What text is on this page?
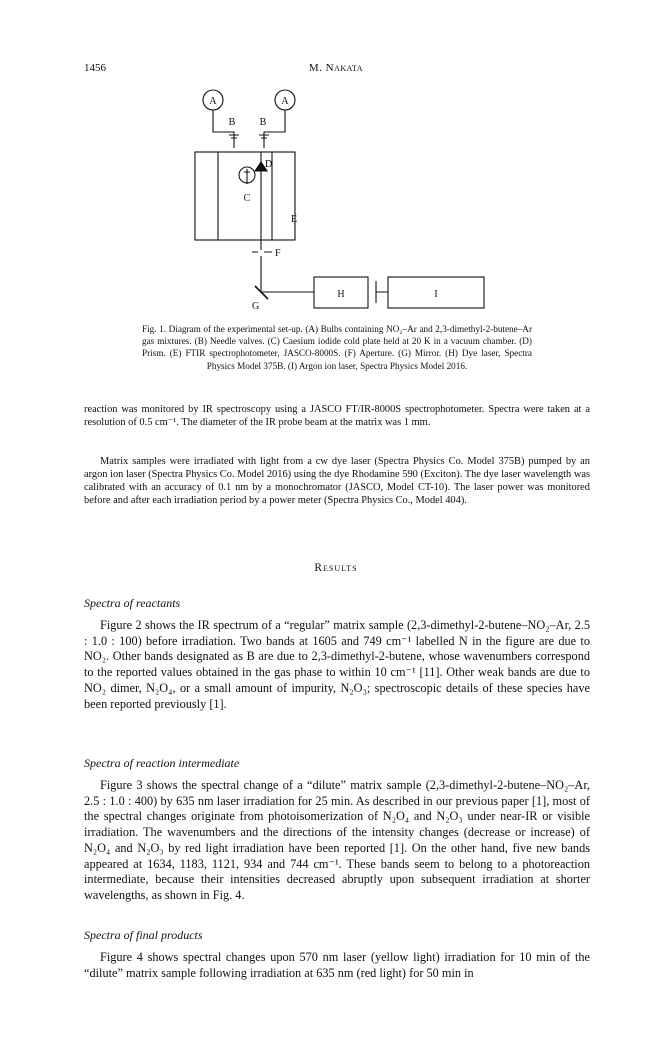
1456	M. Nakata
A	A
B B
C
D
E
F
G
H	I
Fig. 1. Diagram of the experimental set-up. (A) Bulbs containing NO₂–Ar and 2,3-dimethyl-2-butene–Ar gas mixtures. (B) Needle valves. (C) Caesium iodide cold plate held at 20 K in a vacuum chamber. (D) Prism. (E) FTIR spectrophotometer, JASCO-8000S. (F) Aperture. (G) Mirror. (H) Dye laser, Spectra Physics Model 375B. (I) Argon ion laser, Spectra Physics Model 2016.

reaction was monitored by IR spectroscopy using a JASCO FT/IR-8000S spectrophotometer. Spectra were taken at a resolution of 0.5 cm⁻¹. The diameter of the IR probe beam at the matrix was 1 mm.

Matrix samples were irradiated with light from a cw dye laser (Spectra Physics Co. Model 375B) pumped by an argon ion laser (Spectra Physics Co. Model 2016) using the dye Rhodamine 590 (Exciton). The dye laser wavelength was calibrated with an accuracy of 0.1 nm by a monochromator (JASCO, Model CT-10). The laser power was monitored before and after each irradiation period by a power meter (Spectra Physics Co., Model 404).

Results
Spectra of reactants

Figure 2 shows the IR spectrum of a “regular” matrix sample (2,3-dimethyl-2-butene–NO₂–Ar, 2.5 : 1.0 : 100) before irradiation. Two bands at 1605 and 749 cm⁻¹ labelled N in the figure are due to NO₂. Other bands designated as B are due to 2,3-dimethyl-2-butene, whose wavenumbers correspond to the reported values obtained in the gas phase to within 10 cm⁻¹ [11]. Other weak bands are due to NO₂ dimer, N₂O₄, or a small amount of impurity, N₂O₃; spectroscopic details of these species have been reported previously [1].

Spectra of reaction intermediate

Figure 3 shows the spectral change of a “dilute” matrix sample (2,3-dimethyl-2-butene–NO₂–Ar, 2.5 : 1.0 : 400) by 635 nm laser irradiation for 25 min. As described in our previous paper [1], most of the spectral changes originate from photoisomerization of N₂O₄ and N₂O₃ under near-IR or visible irradiation. The wavenumbers and the directions of the intensity changes (decrease or increase) of N₂O₄ and N₂O₃ by red light irradiation have been reported [1]. On the other hand, five new bands appeared at 1634, 1183, 1121, 934 and 744 cm⁻¹. These bands seem to belong to a photoreaction intermediate, because their intensities decreased abruptly upon subsequent irradiation at shorter wavelengths, as shown in Fig. 4.

Spectra of final products

Figure 4 shows spectral changes upon 570 nm laser (yellow light) irradiation for 10 min of the “dilute” matrix sample following irradiation at 635 nm (red light) for 50 min in
